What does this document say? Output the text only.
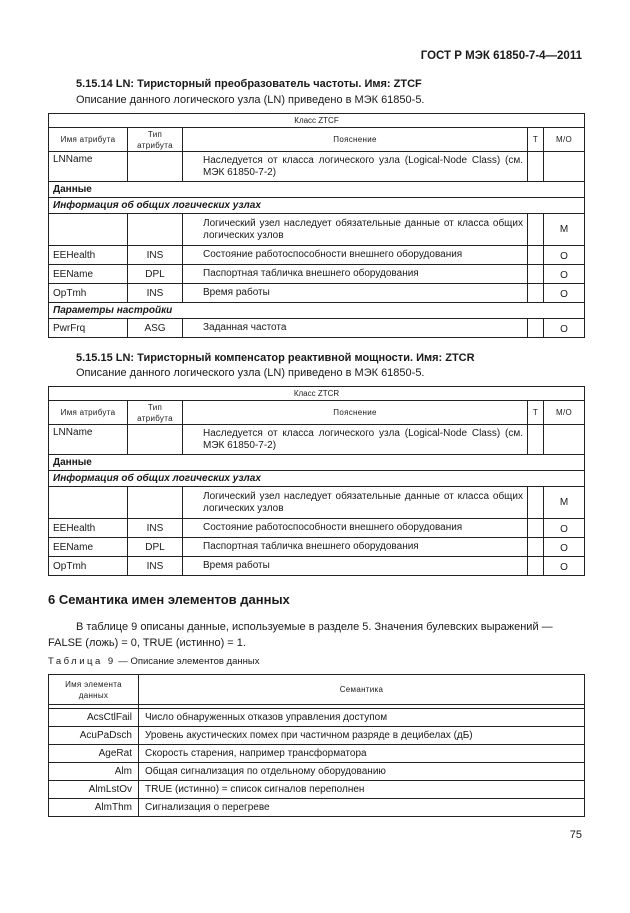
ГОСТ Р МЭК 61850-7-4—2011
5.15.14 LN: Тиристорный преобразователь частоты. Имя: ZTCF
Описание данного логического узла (LN) приведено в МЭК 61850-5.
Класс ZTCF				
Имя атрибута	Тип атрибута	Пояснение	Т	М/О
LNName		Наследуется от класса логического узла (Logical-Node Class) (см. МЭК 61850-7-2)		
Данные				
Информация об общих логических узлах				
		Логический узел наследует обязательные данные от класса общих логических узлов		М
EEHealth	INS	Состояние работоспособности внешнего оборудования		О
EEName	DPL	Паспортная табличка внешнего оборудования		О
OpTmh	INS	Время работы		О
Параметры настройки				
PwrFrq	ASG	Заданная частота		О
5.15.15 LN: Тиристорный компенсатор реактивной мощности. Имя: ZTCR
Описание данного логического узла (LN) приведено в МЭК 61850-5.
Класс ZTCR				
Имя атрибута	Тип атрибута	Пояснение	Т	М/О
LNName		Наследуется от класса логического узла (Logical-Node Class) (см. МЭК 61850-7-2)		
Данные				
Информация об общих логических узлах				
		Логический узел наследует обязательные данные от класса общих логических узлов		М
EEHealth	INS	Состояние работоспособности внешнего оборудования		О
EEName	DPL	Паспортная табличка внешнего оборудования		О
OpTmh	INS	Время работы		О
6 Семантика имен элементов данных
В таблице 9 описаны данные, используемые в разделе 5. Значения булевских выражений — FALSE (ложь) = 0, TRUE (истинно) = 1.
Таблица 9 — Описание элементов данных
Имя элемента данных	Семантика

AcsCtlFail	Число обнаруженных отказов управления доступом
AcuPaDsch	Уровень акустических помех при частичном разряде в децибелах (дБ)
AgeRat	Скорость старения, например трансформатора
Alm	Общая сигнализация по отдельному оборудованию
AlmLstOv	TRUE (истинно) = список сигналов переполнен
AlmThm	Сигнализация о перегреве
75
